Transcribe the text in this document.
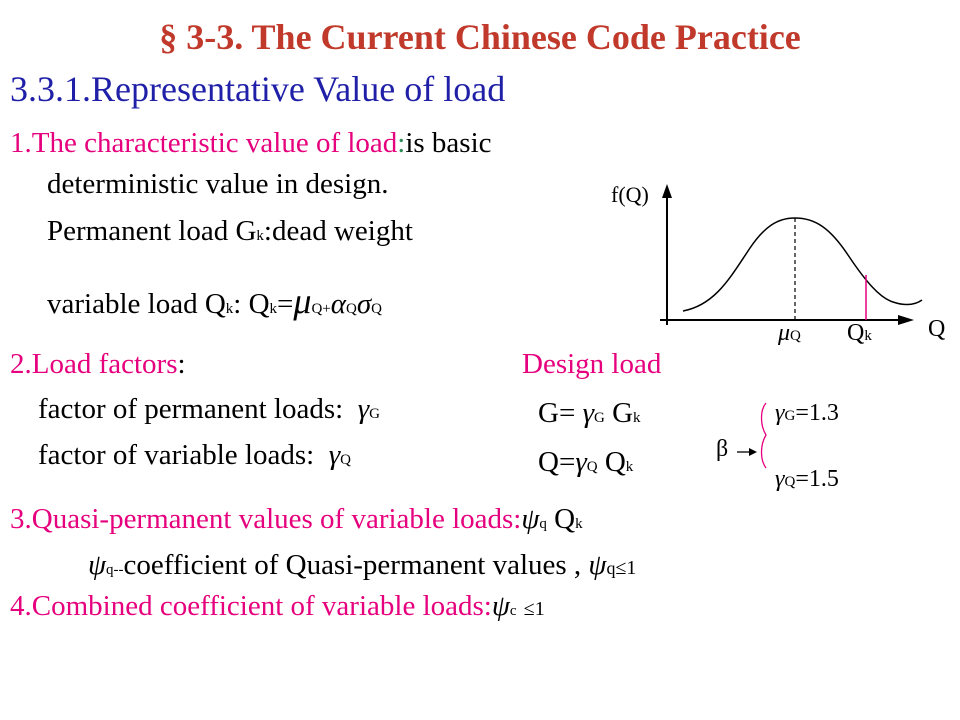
§ 3-3. The Current Chinese Code Practice
3.3.1.Representative Value of load
1.The characteristic value of load:is basic
deterministic value in design.
Permanent load Gk:dead weight
variable load Qk: Qk=μQ+αQσQ
f(Q)
Q
μQ Qk
2.Load factors:	Design load
factor of permanent loads: γG
factor of variable loads: γQ
G= γG Gk
Q=γQ Qk
β
γG=1.3
γQ=1.5
3.Quasi-permanent values of variable loads:ψq Qk
ψq--coefficient of Quasi-permanent values , ψq≤1
4.Combined coefficient of variable loads:ψc ≤1
